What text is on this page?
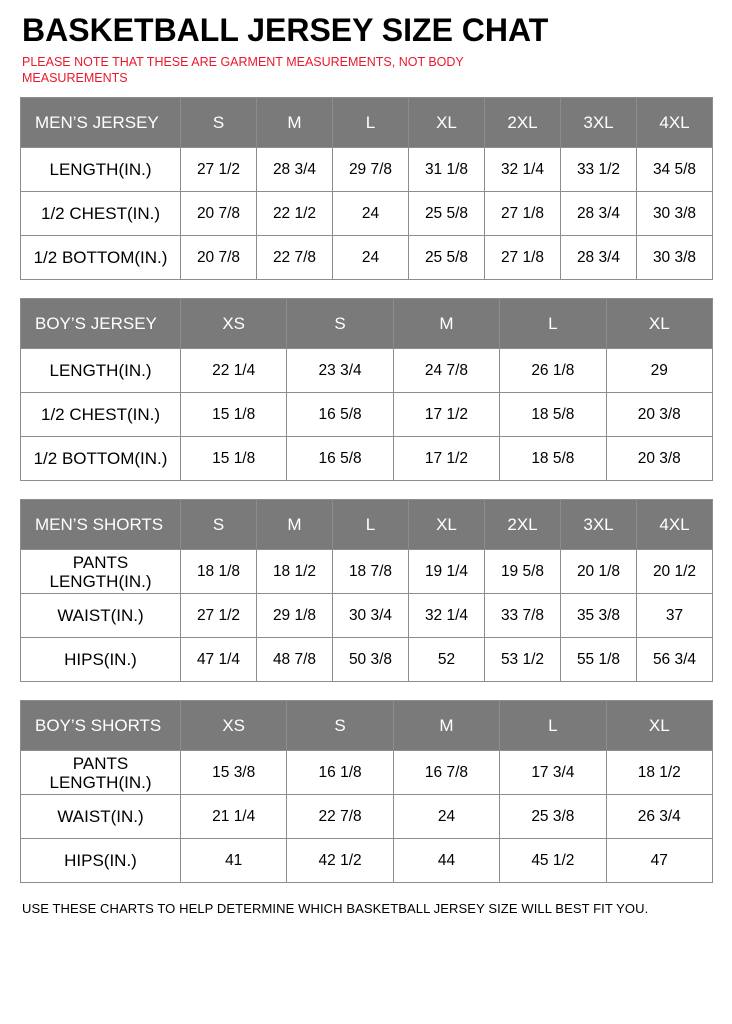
BASKETBALL JERSEY SIZE CHAT

PLEASE NOTE THAT THESE ARE GARMENT MEASUREMENTS, NOT BODY MEASUREMENTS

MEN’S JERSEY	S	M	L	XL	2XL	3XL	4XL
LENGTH(IN.)	27 1/2	28 3/4	29 7/8	31 1/8	32 1/4	33 1/2	34 5/8
1/2 CHEST(IN.)	20 7/8	22 1/2	24	25 5/8	27 1/8	28 3/4	30 3/8
1/2 BOTTOM(IN.)	20 7/8	22 7/8	24	25 5/8	27 1/8	28 3/4	30 3/8
BOY’S JERSEY	XS	S	M	L	XL
LENGTH(IN.)	22 1/4	23 3/4	24 7/8	26 1/8	29
1/2 CHEST(IN.)	15 1/8	16 5/8	17 1/2	18 5/8	20 3/8
1/2 BOTTOM(IN.)	15 1/8	16 5/8	17 1/2	18 5/8	20 3/8
MEN’S SHORTS	S	M	L	XL	2XL	3XL	4XL
PANTS LENGTH(IN.)	18 1/8	18 1/2	18 7/8	19 1/4	19 5/8	20 1/8	20 1/2
WAIST(IN.)	27 1/2	29 1/8	30 3/4	32 1/4	33 7/8	35 3/8	37
HIPS(IN.)	47 1/4	48 7/8	50 3/8	52	53 1/2	55 1/8	56 3/4
BOY’S SHORTS	XS	S	M	L	XL
PANTS LENGTH(IN.)	15 3/8	16 1/8	16 7/8	17 3/4	18 1/2
WAIST(IN.)	21 1/4	22 7/8	24	25 3/8	26 3/4
HIPS(IN.)	41	42 1/2	44	45 1/2	47
USE THESE CHARTS TO HELP DETERMINE WHICH BASKETBALL JERSEY SIZE WILL BEST FIT YOU.
